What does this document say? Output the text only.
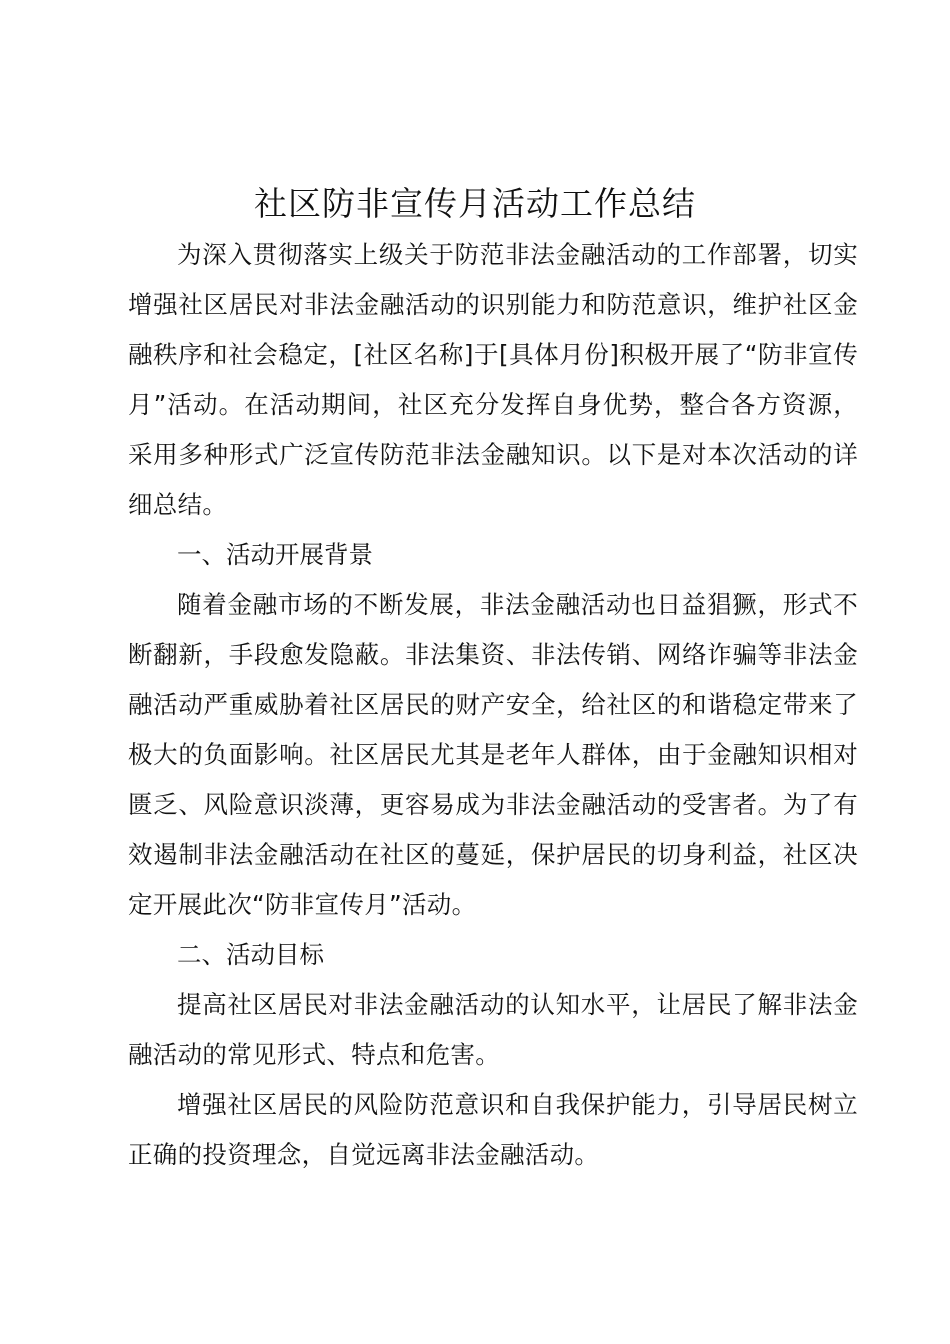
社区防非宣传月活动工作总结

为深入贯彻落实上级关于防范非法金融活动的工作部署，切实增强社区居民对非法金融活动的识别能力和防范意识，维护社区金融秩序和社会稳定，[社区名称]于[具体月份]积极开展了“防非宣传月”活动。在活动期间，社区充分发挥自身优势，整合各方资源，采用多种形式广泛宣传防范非法金融知识。以下是对本次活动的详细总结。

一、活动开展背景

随着金融市场的不断发展，非法金融活动也日益猖獗，形式不断翻新，手段愈发隐蔽。非法集资、非法传销、网络诈骗等非法金融活动严重威胁着社区居民的财产安全，给社区的和谐稳定带来了极大的负面影响。社区居民尤其是老年人群体，由于金融知识相对匮乏、风险意识淡薄，更容易成为非法金融活动的受害者。为了有效遏制非法金融活动在社区的蔓延，保护居民的切身利益，社区决定开展此次“防非宣传月”活动。

二、活动目标

提高社区居民对非法金融活动的认知水平，让居民了解非法金融活动的常见形式、特点和危害。

增强社区居民的风险防范意识和自我保护能力，引导居民树立正确的投资理念，自觉远离非法金融活动。
